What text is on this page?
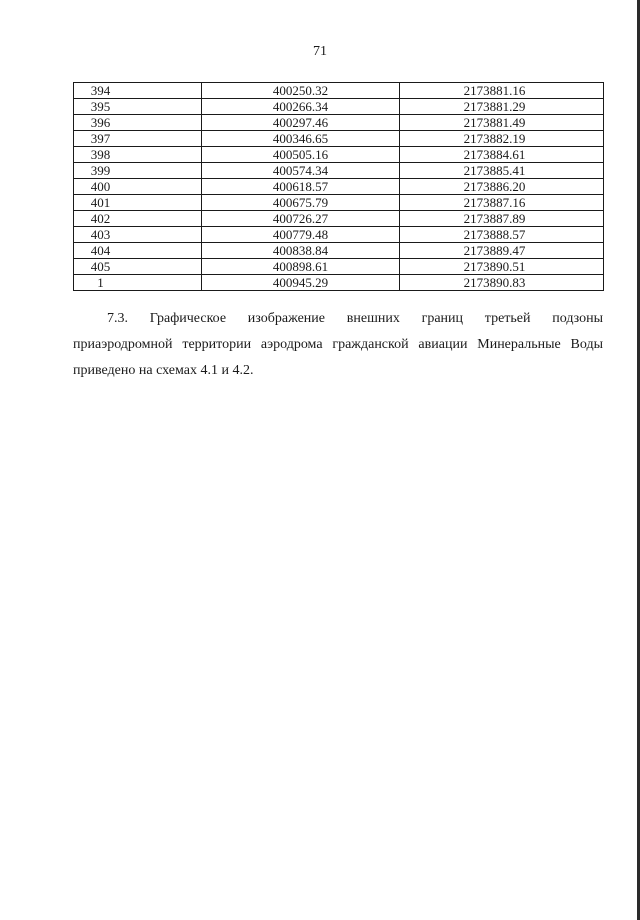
71
394	400250.32	2173881.16
395	400266.34	2173881.29
396	400297.46	2173881.49
397	400346.65	2173882.19
398	400505.16	2173884.61
399	400574.34	2173885.41
400	400618.57	2173886.20
401	400675.79	2173887.16
402	400726.27	2173887.89
403	400779.48	2173888.57
404	400838.84	2173889.47
405	400898.61	2173890.51
1	400945.29	2173890.83
7.3. Графическое изображение внешних границ третьей подзоны
приаэродромной территории аэродрома гражданской авиации Минеральные Воды
приведено на схемах 4.1 и 4.2.
